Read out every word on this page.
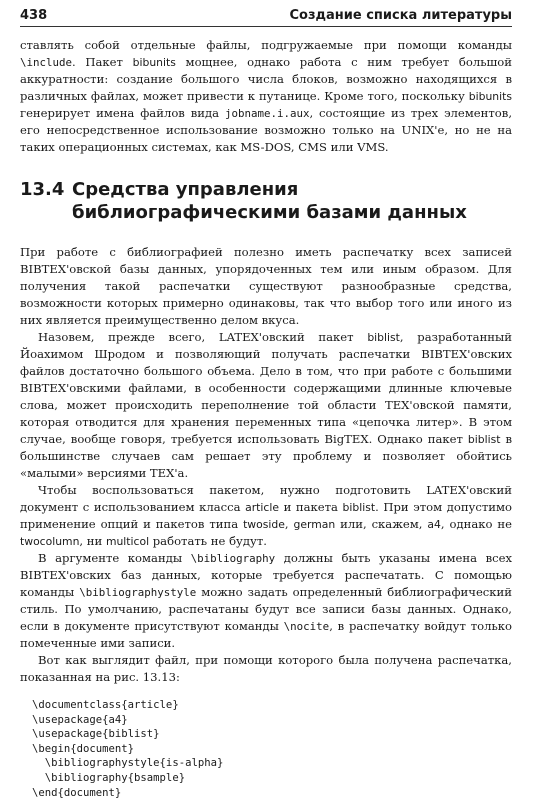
438	Создание списка литературы

ставлять собой отдельные файлы, подгружаемые при помощи команды \include. Пакет bibunits мощнее, однако работа с ним требует большой аккуратности: создание большого числа блоков, возможно находящихся в различных файлах, может привести к путанице. Кроме того, поскольку bibunits генерирует имена файлов вида jobname.i.aux, состоящие из трех элементов, его непосредственное использование возможно только на UNIX'е, но не на таких операционных системах, как MS-DOS, CMS или VMS.

13.4 Средства управления библиографическими базами данных

При работе с библиографией полезно иметь распечатку всех записей BIBTEX'овской базы данных, упорядоченных тем или иным образом. Для получения такой распечатки существуют разнообразные средства, возможности которых примерно одинаковы, так что выбор того или иного из них является преимущественно делом вкуса.

Назовем, прежде всего, LATEX'овский пакет biblist, разработанный Йоахимом Шродом и позволяющий получать распечатки BIBTEX'овских файлов достаточно большого объема. Дело в том, что при работе с большими BIBTEX'овскими файлами, в особенности содержащими длинные ключевые слова, может происходить переполнение той области TEX'овской памяти, которая отводится для хранения переменных типа «цепочка литер». В этом случае, вообще говоря, требуется использовать BigTEX. Однако пакет biblist в большинстве случаев сам решает эту проблему и позволяет обойтись «малыми» версиями TEX'а.

Чтобы воспользоваться пакетом, нужно подготовить LATEX'овский документ с использованием класса article и пакета biblist. При этом допустимо применение опций и пакетов типа twoside, german или, скажем, a4, однако не twocolumn, ни multicol работать не будут.

В аргументе команды \bibliography должны быть указаны имена всех BIBTEX'овских баз данных, которые требуется распечатать. С помощью команды \bibliographystyle можно задать определенный библиографический стиль. По умолчанию, распечатаны будут все записи базы данных. Однако, если в документе присутствуют команды \nocite, в распечатку войдут только помеченные ими записи.

Вот как выглядит файл, при помощи которого была получена распечатка, показанная на рис. 13.13:

\documentclass{article}
\usepackage{a4}
\usepackage{biblist}
\begin{document}
\bibliographystyle{is-alpha}
\bibliography{bsample}
\end{document}
